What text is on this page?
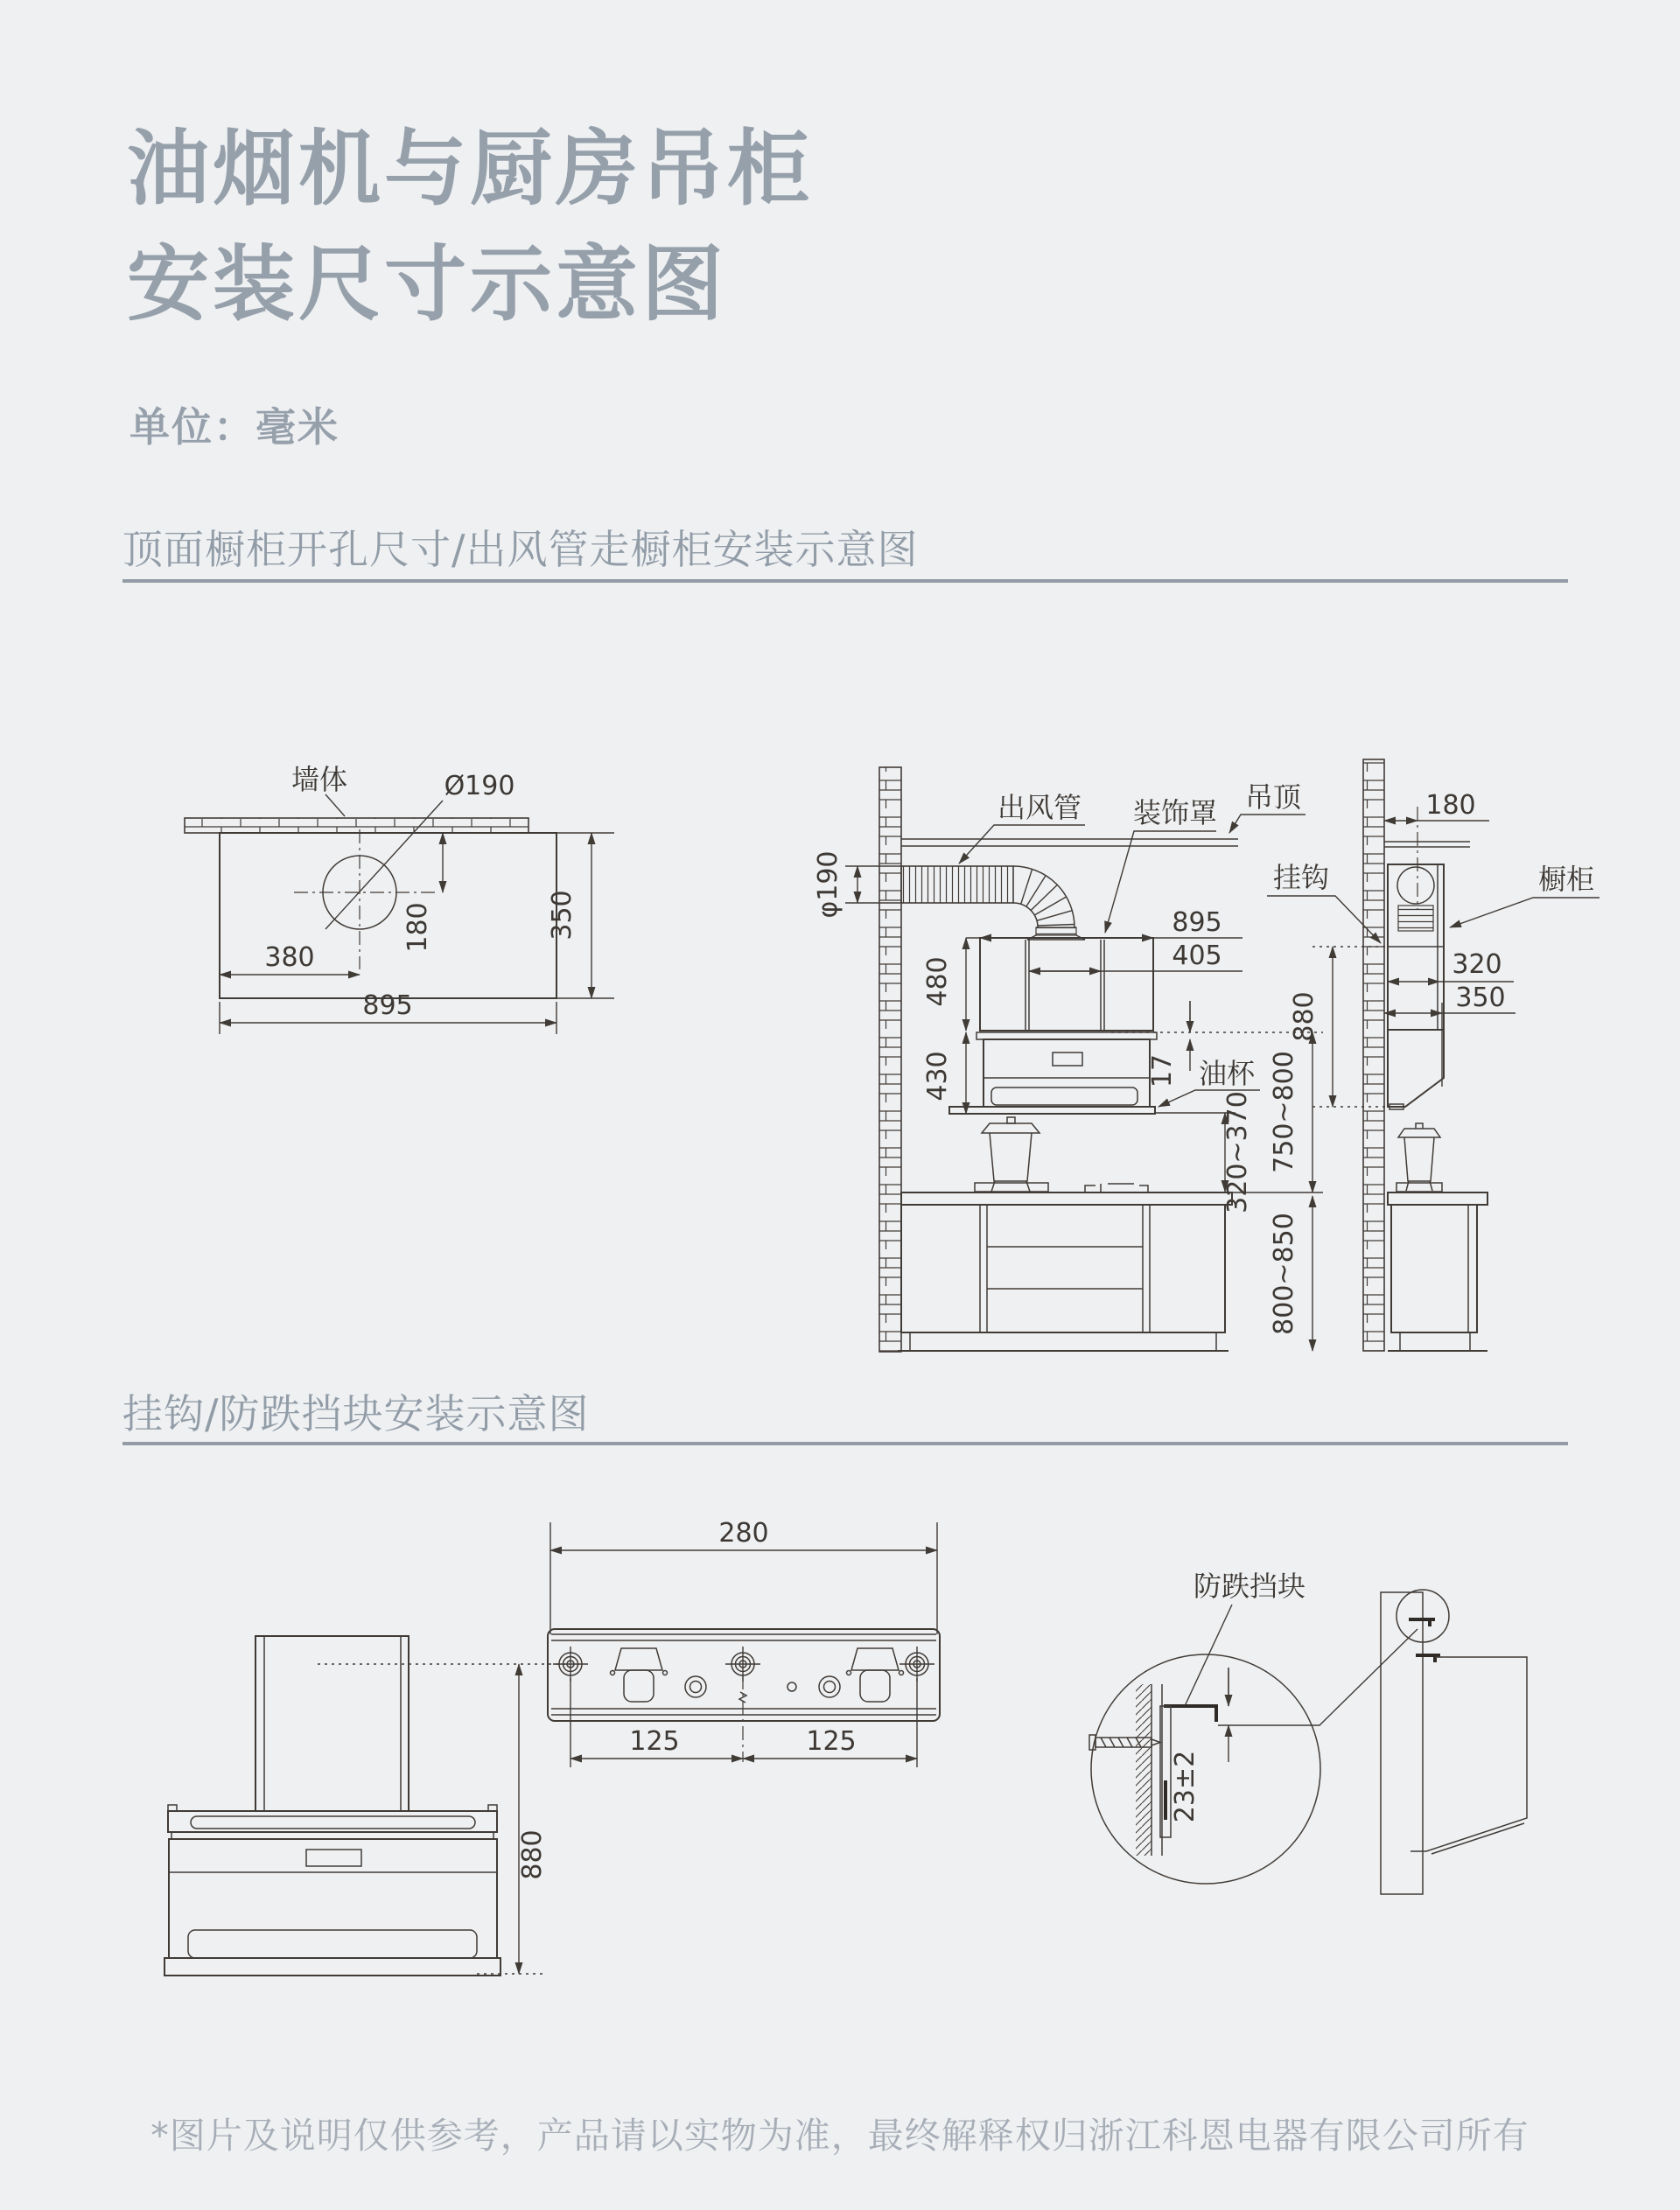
油烟机与厨房吊柜
安装尺寸示意图
单位：毫米
顶面橱柜开孔尺寸/出风管走橱柜安装示意图
挂钩/防跌挡块安装示意图
*图片及说明仅供参考，产品请以实物为准，最终解释权归浙江科恩电器有限公司所有
墙体	Ø190
380
180	350
895
吊顶
出风管
φ190
装饰罩
895
405
480
430	17 油杯
320~370 750~800
800~850
180
挂钩	橱柜
320
350
880
880
280
125	125
防跌挡块
23±2
